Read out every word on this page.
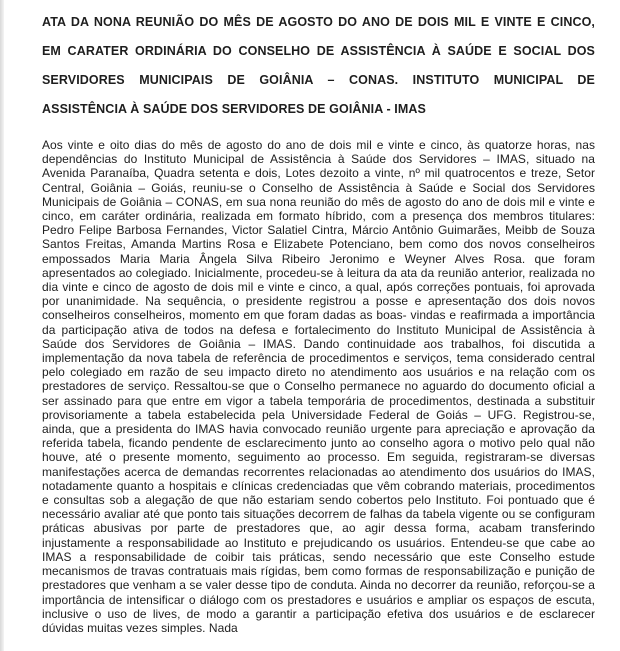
ATA DA NONA REUNIÃO DO MÊS DE AGOSTO DO ANO DE DOIS MIL E VINTE E CINCO,
EM CARATER ORDINÁRIA DO CONSELHO DE ASSISTÊNCIA À SAÚDE E SOCIAL DOS
SERVIDORES MUNICIPAIS DE GOIÂNIA – CONAS. INSTITUTO MUNICIPAL DE
ASSISTÊNCIA À SAÚDE DOS SERVIDORES DE GOIÂNIA - IMAS

Aos vinte e oito dias do mês de agosto do ano de dois mil e vinte e cinco, às quatorze horas, nas dependências do Instituto Municipal de Assistência à Saúde dos Servidores – IMAS, situado na Avenida Paranaíba, Quadra setenta e dois, Lotes dezoito a vinte, nº mil quatrocentos e treze, Setor Central, Goiânia – Goiás, reuniu-se o Conselho de Assistência à Saúde e Social dos Servidores Municipais de Goiânia – CONAS, em sua nona reunião do mês de agosto do ano de dois mil e vinte e cinco, em caráter ordinária, realizada em formato híbrido, com a presença dos membros titulares: Pedro Felipe Barbosa Fernandes, Victor Salatiel Cintra, Márcio Antônio Guimarães, Meibb de Souza Santos Freitas, Amanda Martins Rosa e Elizabete Potenciano, bem como dos novos conselheiros empossados Maria Maria Ângela Silva Ribeiro Jeronimo e Weyner Alves Rosa. que foram apresentados ao colegiado. Inicialmente, procedeu-se à leitura da ata da reunião anterior, realizada no dia vinte e cinco de agosto de dois mil e vinte e cinco, a qual, após correções pontuais, foi aprovada por unanimidade. Na sequência, o presidente registrou a posse e apresentação dos dois novos conselheiros conselheiros, momento em que foram dadas as boas- vindas e reafirmada a importância da participação ativa de todos na defesa e fortalecimento do Instituto Municipal de Assistência à Saúde dos Servidores de Goiânia – IMAS. Dando continuidade aos trabalhos, foi discutida a implementação da nova tabela de referência de procedimentos e serviços, tema considerado central pelo colegiado em razão de seu impacto direto no atendimento aos usuários e na relação com os prestadores de serviço. Ressaltou-se que o Conselho permanece no aguardo do documento oficial a ser assinado para que entre em vigor a tabela temporária de procedimentos, destinada a substituir provisoriamente a tabela estabelecida pela Universidade Federal de Goiás – UFG. Registrou-se, ainda, que a presidenta do IMAS havia convocado reunião urgente para apreciação e aprovação da referida tabela, ficando pendente de esclarecimento junto ao conselho agora o motivo pelo qual não houve, até o presente momento, seguimento ao processo. Em seguida, registraram-se diversas manifestações acerca de demandas recorrentes relacionadas ao atendimento dos usuários do IMAS, notadamente quanto a hospitais e clínicas credenciadas que vêm cobrando materiais, procedimentos e consultas sob a alegação de que não estariam sendo cobertos pelo Instituto. Foi pontuado que é necessário avaliar até que ponto tais situações decorrem de falhas da tabela vigente ou se configuram práticas abusivas por parte de prestadores que, ao agir dessa forma, acabam transferindo injustamente a responsabilidade ao Instituto e prejudicando os usuários. Entendeu-se que cabe ao IMAS a responsabilidade de coibir tais práticas, sendo necessário que este Conselho estude mecanismos de travas contratuais mais rígidas, bem como formas de responsabilização e punição de prestadores que venham a se valer desse tipo de conduta. Ainda no decorrer da reunião, reforçou-se a importância de intensificar o diálogo com os prestadores e usuários e ampliar os espaços de escuta, inclusive o uso de lives, de modo a garantir a participação efetiva dos usuários e de esclarecer dúvidas muitas vezes simples. Nada
